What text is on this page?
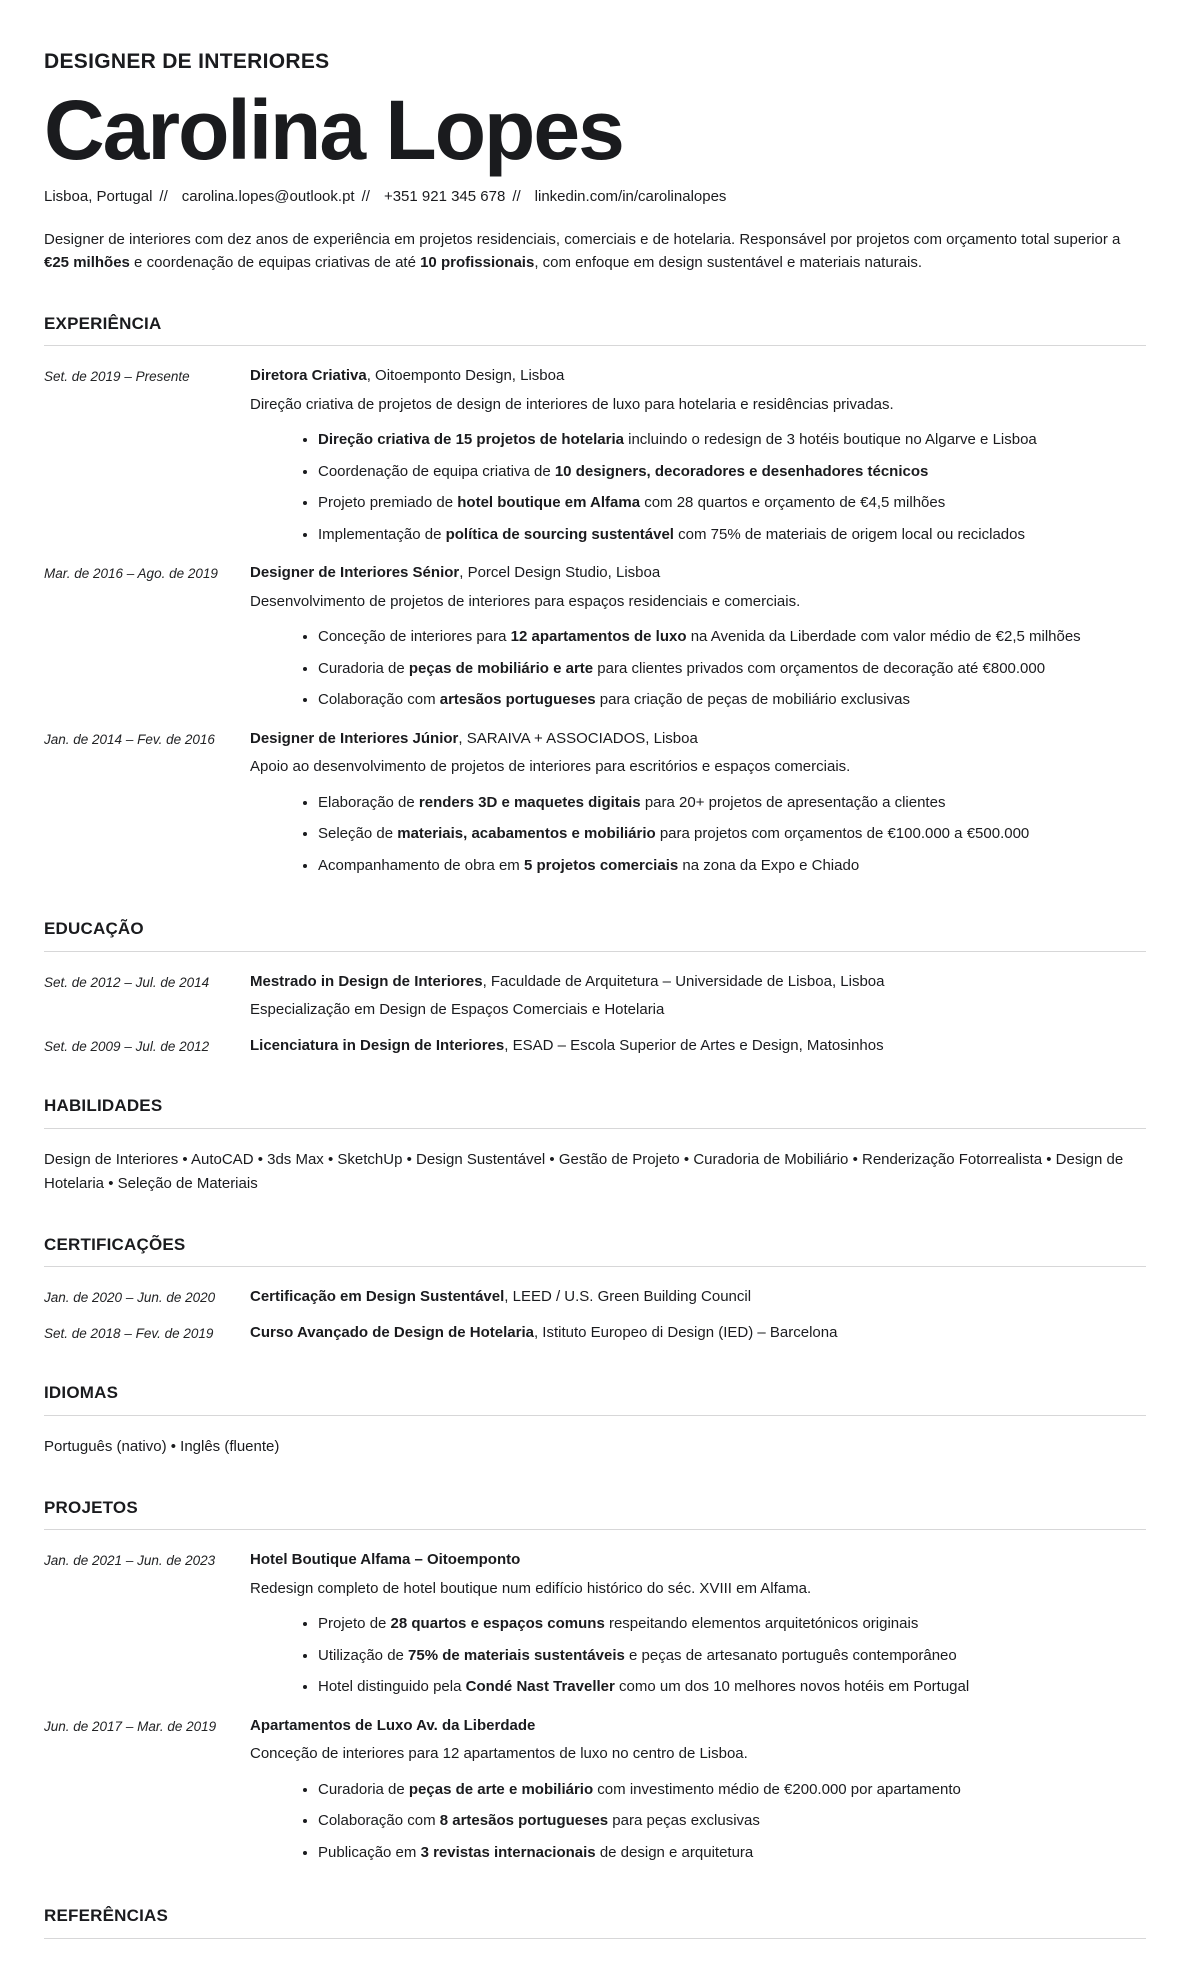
DESIGNER DE INTERIORES
Carolina Lopes
Lisboa, Portugal // carolina.lopes@outlook.pt // +351 921 345 678 // linkedin.com/in/carolinalopes

Designer de interiores com dez anos de experiência em projetos residenciais, comerciais e de hotelaria. Responsável por projetos com orçamento total superior a €25 milhões e coordenação de equipas criativas de até 10 profissionais, com enfoque em design sustentável e materiais naturais.

EXPERIÊNCIA
Set. de 2019 – Presente	Diretora Criativa, Oitoemponto Design, Lisboa

Direção criativa de projetos de design de interiores de luxo para hotelaria e residências privadas.

• Direção criativa de 15 projetos de hotelaria incluindo o redesign de 3 hotéis boutique no Algarve e Lisboa
• Coordenação de equipa criativa de 10 designers, decoradores e desenhadores técnicos
• Projeto premiado de hotel boutique em Alfama com 28 quartos e orçamento de €4,5 milhões
• Implementação de política de sourcing sustentável com 75% de materiais de origem local ou reciclados
Mar. de 2016 – Ago. de 2019	Designer de Interiores Sénior, Porcel Design Studio, Lisboa

Desenvolvimento de projetos de interiores para espaços residenciais e comerciais.

• Conceção de interiores para 12 apartamentos de luxo na Avenida da Liberdade com valor médio de €2,5 milhões
• Curadoria de peças de mobiliário e arte para clientes privados com orçamentos de decoração até €800.000
• Colaboração com artesãos portugueses para criação de peças de mobiliário exclusivas
Jan. de 2014 – Fev. de 2016	Designer de Interiores Júnior, SARAIVA + ASSOCIADOS, Lisboa

Apoio ao desenvolvimento de projetos de interiores para escritórios e espaços comerciais.

• Elaboração de renders 3D e maquetes digitais para 20+ projetos de apresentação a clientes
• Seleção de materiais, acabamentos e mobiliário para projetos com orçamentos de €100.000 a €500.000
• Acompanhamento de obra em 5 projetos comerciais na zona da Expo e Chiado
EDUCAÇÃO
Set. de 2012 – Jul. de 2014	Mestrado in Design de Interiores, Faculdade de Arquitetura – Universidade de Lisboa, Lisboa

Especialização em Design de Espaços Comerciais e Hotelaria

Set. de 2009 – Jul. de 2012	Licenciatura in Design de Interiores, ESAD – Escola Superior de Artes e Design, Matosinhos
HABILIDADES

Design de Interiores • AutoCAD • 3ds Max • SketchUp • Design Sustentável • Gestão de Projeto • Curadoria de Mobiliário • Renderização Fotorrealista • Design de Hotelaria • Seleção de Materiais

CERTIFICAÇÕES
Jan. de 2020 – Jun. de 2020	Certificação em Design Sustentável, LEED / U.S. Green Building Council
Set. de 2018 – Fev. de 2019	Curso Avançado de Design de Hotelaria, Istituto Europeo di Design (IED) – Barcelona
IDIOMAS

Português (nativo) • Inglês (fluente)

PROJETOS
Jan. de 2021 – Jun. de 2023	Hotel Boutique Alfama – Oitoemponto

Redesign completo de hotel boutique num edifício histórico do séc. XVIII em Alfama.

• Projeto de 28 quartos e espaços comuns respeitando elementos arquitetónicos originais
• Utilização de 75% de materiais sustentáveis e peças de artesanato português contemporâneo
• Hotel distinguido pela Condé Nast Traveller como um dos 10 melhores novos hotéis em Portugal
Jun. de 2017 – Mar. de 2019	Apartamentos de Luxo Av. da Liberdade

Conceção de interiores para 12 apartamentos de luxo no centro de Lisboa.

• Curadoria de peças de arte e mobiliário com investimento médio de €200.000 por apartamento
• Colaboração com 8 artesãos portugueses para peças exclusivas
• Publicação em 3 revistas internacionais de design e arquitetura
REFERÊNCIAS
